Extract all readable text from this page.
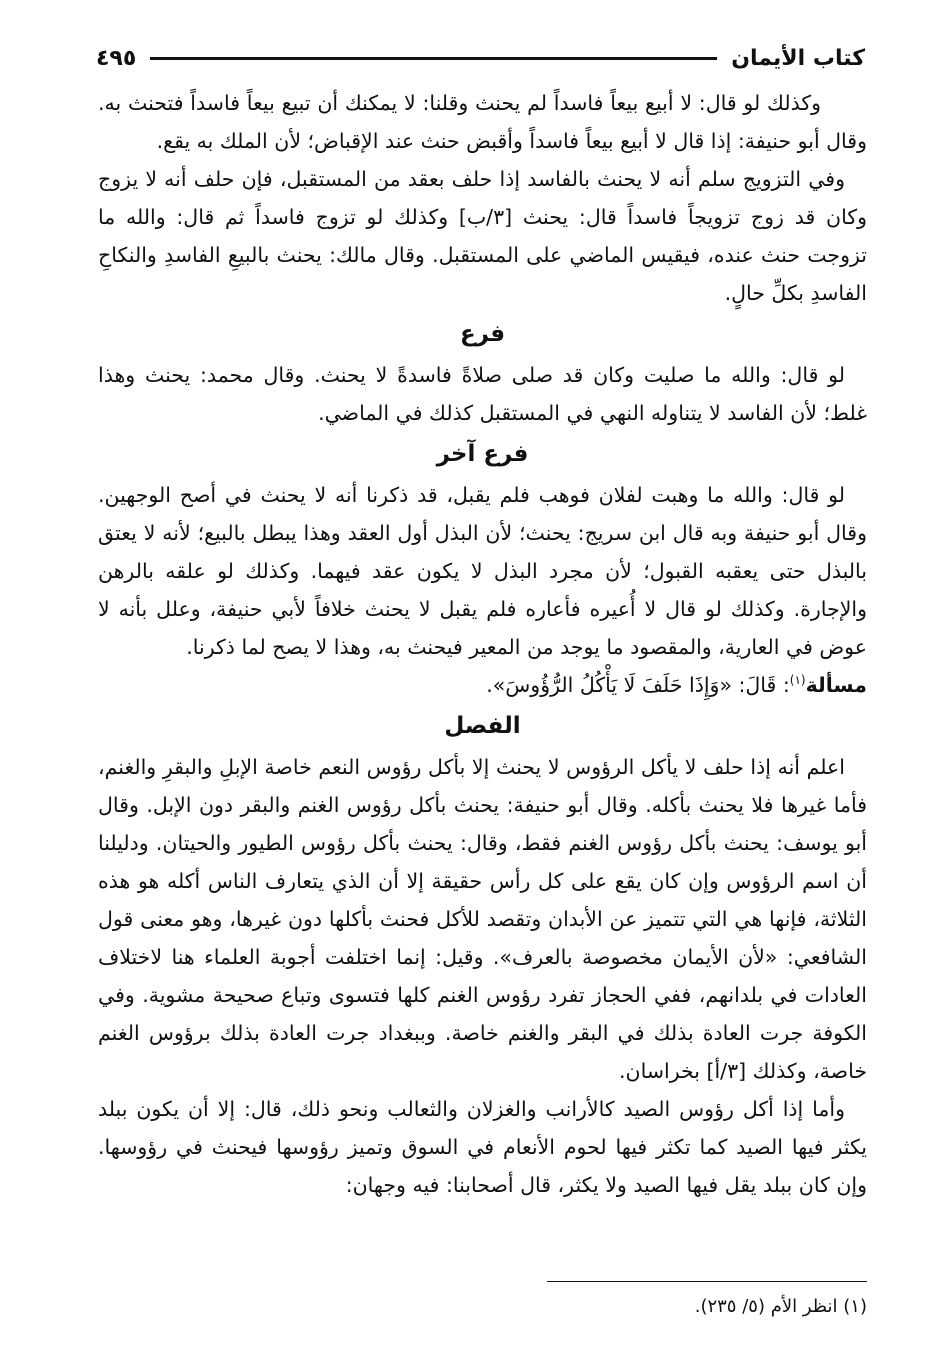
كتاب الأيمان
٤٩٥

وكذلك لو قال: لا أبيع بيعاً فاسداً لم يحنث وقلنا: لا يمكنك أن تبيع بيعاً فاسداً فتحنث به. وقال أبو حنيفة: إذا قال لا أبيع بيعاً فاسداً وأقبض حنث عند الإقباض؛ لأن الملك به يقع.

وفي التزويج سلم أنه لا يحنث بالفاسد إذا حلف بعقد من المستقبل، فإن حلف أنه لا يزوج وكان قد زوج تزويجاً فاسداً قال: يحنث [٣/ب] وكذلك لو تزوج فاسداً ثم قال: والله ما تزوجت حنث عنده، فيقيس الماضي على المستقبل. وقال مالك: يحنث بالبيعِ الفاسدِ والنكاحِ الفاسدِ بكلِّ حالٍ.

فرع

لو قال: والله ما صليت وكان قد صلى صلاةً فاسدةً لا يحنث. وقال محمد: يحنث وهذا غلط؛ لأن الفاسد لا يتناوله النهي في المستقبل كذلك في الماضي.

فرع آخر

لو قال: والله ما وهبت لفلان فوهب فلم يقبل، قد ذكرنا أنه لا يحنث في أصح الوجهين. وقال أبو حنيفة وبه قال ابن سريج: يحنث؛ لأن البذل أول العقد وهذا يبطل بالبيع؛ لأنه لا يعتق بالبذل حتى يعقبه القبول؛ لأن مجرد البذل لا يكون عقد فيهما. وكذلك لو علقه بالرهن والإجارة. وكذلك لو قال لا أُعيره فأعاره فلم يقبل لا يحنث خلافاً لأبي حنيفة، وعلل بأنه لا عوض في العارية، والمقصود ما يوجد من المعير فيحنث به، وهذا لا يصح لما ذكرنا.

مسألة$^{(١)}$: قَالَ: «وَإِذَا حَلَفَ لَا يَأْكُلُ الرُّؤُوسَ».

الفصل

اعلم أنه إذا حلف لا يأكل الرؤوس لا يحنث إلا بأكل رؤوس النعم خاصة الإبلِ والبقرِ والغنم، فأما غيرها فلا يحنث بأكله. وقال أبو حنيفة: يحنث بأكل رؤوس الغنم والبقر دون الإبل. وقال أبو يوسف: يحنث بأكل رؤوس الغنم فقط، وقال: يحنث بأكل رؤوس الطيور والحيتان. ودليلنا أن اسم الرؤوس وإن كان يقع على كل رأس حقيقة إلا أن الذي يتعارف الناس أكله هو هذه الثلاثة، فإنها هي التي تتميز عن الأبدان وتقصد للأكل فحنث بأكلها دون غيرها، وهو معنى قول الشافعي: «لأن الأيمان مخصوصة بالعرف». وقيل: إنما اختلفت أجوبة العلماء هنا لاختلاف العادات في بلدانهم، ففي الحجاز تفرد رؤوس الغنم كلها فتسوى وتباع صحيحة مشوية. وفي الكوفة جرت العادة بذلك في البقر والغنم خاصة. وببغداد جرت العادة بذلك برؤوس الغنم خاصة، وكذلك [٣/أ] بخراسان.

وأما إذا أكل رؤوس الصيد كالأرانب والغزلان والثعالب ونحو ذلك، قال: إلا أن يكون ببلد يكثر فيها الصيد كما تكثر فيها لحوم الأنعام في السوق وتميز رؤوسها فيحنث في رؤوسها. وإن كان ببلد يقل فيها الصيد ولا يكثر، قال أصحابنا: فيه وجهان:

(١) انظر الأم (٥/ ٢٣٥).
